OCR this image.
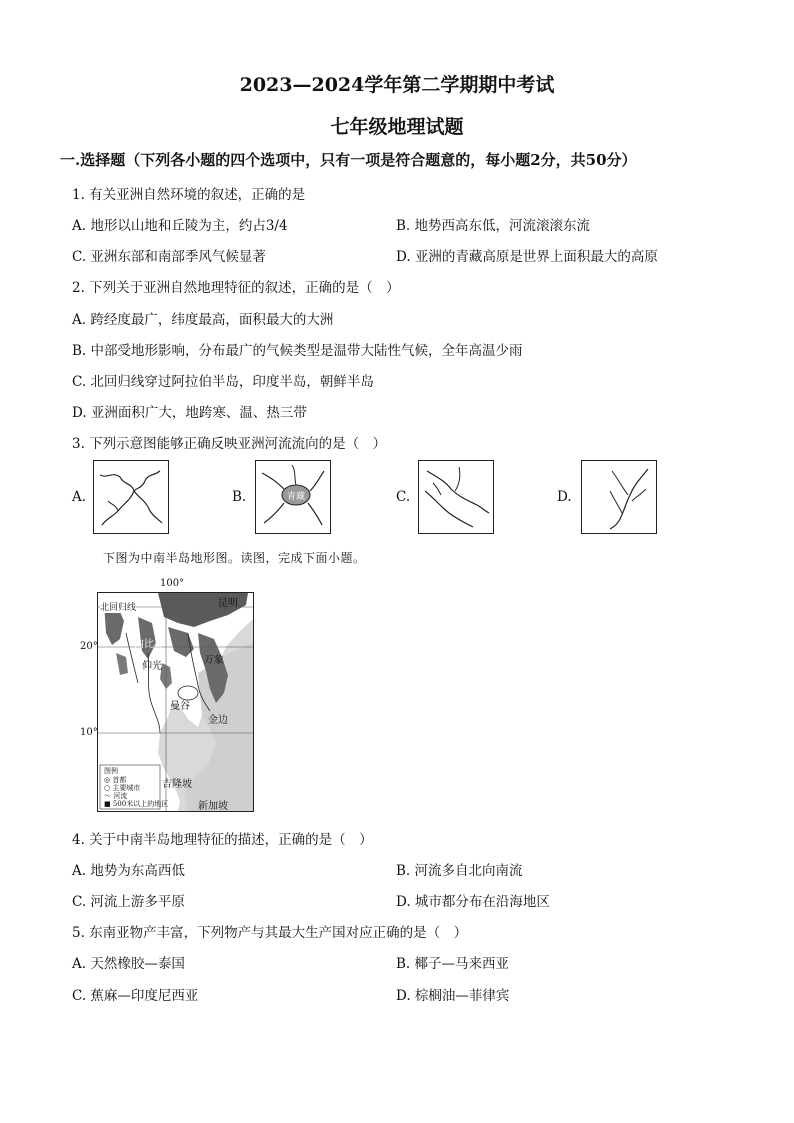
2023—2024学年第二学期期中考试
七年级地理试题
一.选择题（下列各小题的四个选项中，只有一项是符合题意的，每小题2分，共50分）
1. 有关亚洲自然环境的叙述，正确的是
A. 地形以山地和丘陵为主，约占3/4	B. 地势西高东低，河流滚滚东流
C. 亚洲东部和南部季风气候显著	D. 亚洲的青藏高原是世界上面积最大的高原
2. 下列关于亚洲自然地理特征的叙述，正确的是（　）
A. 跨经度最广，纬度最高，面积最大的大洲
B. 中部受地形影响，分布最广的气候类型是温带大陆性气候，全年高温少雨
C. 北回归线穿过阿拉伯半岛，印度半岛，朝鲜半岛
D. 亚洲面积广大，地跨寒、温、热三带
3. 下列示意图能够正确反映亚洲河流流向的是（　）
A.	B.	青藏	C.	D.
下图为中南半岛地形图。读图，完成下面小题。
昆明
北回归线
内比都
仰光
万象
曼谷
金边
吉隆坡
新加坡
图例
◎ 首都
○ 主要城市
～ 河流
■ 500米以上的地区
100°
20°
10°
4. 关于中南半岛地理特征的描述，正确的是（　）
A. 地势为东高西低	B. 河流多自北向南流
C. 河流上游多平原	D. 城市都分布在沿海地区
5. 东南亚物产丰富，下列物产与其最大生产国对应正确的是（　）
A. 天然橡胶—泰国	B. 椰子—马来西亚
C. 蕉麻—印度尼西亚	D. 棕榈油—菲律宾
